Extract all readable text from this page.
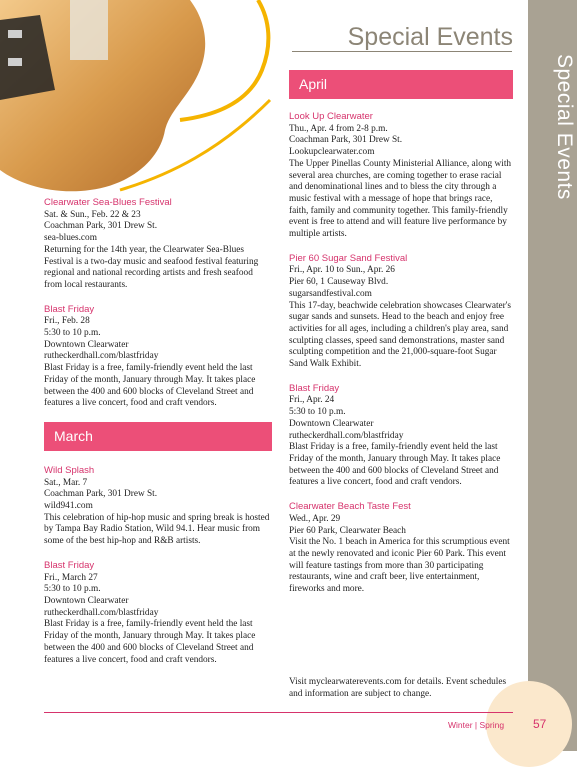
Special Events
Special Events
Clearwater Sea-Blues Festival
Sat. & Sun., Feb. 22 & 23
Coachman Park, 301 Drew St.
sea-blues.com
Returning for the 14th year, the Clearwater Sea-Blues Festival is a two-day music and seafood festival featuring regional and national recording artists and fresh seafood from local restaurants.
Blast Friday
Fri., Feb. 28
5:30 to 10 p.m.
Downtown Clearwater
rutheckerdhall.com/blastfriday
Blast Friday is a free, family-friendly event held the last Friday of the month, January through May. It takes place between the 400 and 600 blocks of Cleveland Street and features a live concert, food and craft vendors.
March
Wild Splash
Sat., Mar. 7
Coachman Park, 301 Drew St.
wild941.com
This celebration of hip-hop music and spring break is hosted by Tampa Bay Radio Station, Wild 94.1. Hear music from some of the best hip-hop and R&B artists.
Blast Friday
Fri., March 27
5:30 to 10 p.m.
Downtown Clearwater
rutheckerdhall.com/blastfriday
Blast Friday is a free, family-friendly event held the last Friday of the month, January through May. It takes place between the 400 and 600 blocks of Cleveland Street and features a live concert, food and craft vendors.
April
Look Up Clearwater
Thu., Apr. 4 from 2-8 p.m.
Coachman Park, 301 Drew St.
Lookupclearwater.com
The Upper Pinellas County Ministerial Alliance, along with several area churches, are coming together to erase racial and denominational lines and to bless the city through a music festival with a message of hope that brings race, faith, family and community together. This family-friendly event is free to attend and will feature live performance by multiple artists.
Pier 60 Sugar Sand Festival
Fri., Apr. 10 to Sun., Apr. 26
Pier 60, 1 Causeway Blvd.
sugarsandfestival.com
This 17-day, beachwide celebration showcases Clearwater's sugar sands and sunsets. Head to the beach and enjoy free activities for all ages, including a children's play area, sand sculpting classes, speed sand demonstrations, master sand sculpting competition and the 21,000-square-foot Sugar Sand Walk Exhibit.
Blast Friday
Fri., Apr. 24
5:30 to 10 p.m.
Downtown Clearwater
rutheckerdhall.com/blastfriday
Blast Friday is a free, family-friendly event held the last Friday of the month, January through May. It takes place between the 400 and 600 blocks of Cleveland Street and features a live concert, food and craft vendors.
Clearwater Beach Taste Fest
Wed., Apr. 29
Pier 60 Park, Clearwater Beach
Visit the No. 1 beach in America for this scrumptious event at the newly renovated and iconic Pier 60 Park. This event will feature tastings from more than 30 participating restaurants, wine and craft beer, live entertainment, fireworks and more.
Visit myclearwaterevents.com for details. Event schedules and information are subject to change.
Winter | Spring 57
